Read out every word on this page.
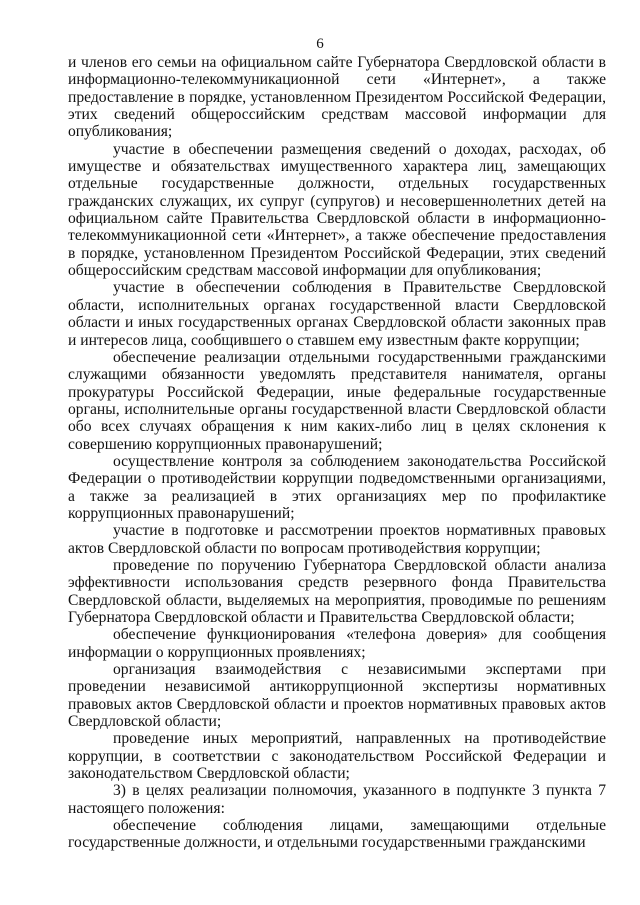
6

и членов его семьи на официальном сайте Губернатора Свердловской области в информационно-телекоммуникационной сети «Интернет», а также предоставление в порядке, установленном Президентом Российской Федерации, этих сведений общероссийским средствам массовой информации для опубликования;

участие в обеспечении размещения сведений о доходах, расходах, об имуществе и обязательствах имущественного характера лиц, замещающих отдельные государственные должности, отдельных государственных гражданских служащих, их супруг (супругов) и несовершеннолетних детей на официальном сайте Правительства Свердловской области в информационно-телекоммуникационной сети «Интернет», а также обеспечение предоставления в порядке, установленном Президентом Российской Федерации, этих сведений общероссийским средствам массовой информации для опубликования;

участие в обеспечении соблюдения в Правительстве Свердловской области, исполнительных органах государственной власти Свердловской области и иных государственных органах Свердловской области законных прав и интересов лица, сообщившего о ставшем ему известным факте коррупции;

обеспечение реализации отдельными государственными гражданскими служащими обязанности уведомлять представителя нанимателя, органы прокуратуры Российской Федерации, иные федеральные государственные органы, исполнительные органы государственной власти Свердловской области обо всех случаях обращения к ним каких-либо лиц в целях склонения к совершению коррупционных правонарушений;

осуществление контроля за соблюдением законодательства Российской Федерации о противодействии коррупции подведомственными организациями, а также за реализацией в этих организациях мер по профилактике коррупционных правонарушений;

участие в подготовке и рассмотрении проектов нормативных правовых актов Свердловской области по вопросам противодействия коррупции;

проведение по поручению Губернатора Свердловской области анализа эффективности использования средств резервного фонда Правительства Свердловской области, выделяемых на мероприятия, проводимые по решениям Губернатора Свердловской области и Правительства Свердловской области;

обеспечение функционирования «телефона доверия» для сообщения информации о коррупционных проявлениях;

организация взаимодействия с независимыми экспертами при проведении независимой антикоррупционной экспертизы нормативных правовых актов Свердловской области и проектов нормативных правовых актов Свердловской области;

проведение иных мероприятий, направленных на противодействие коррупции, в соответствии с законодательством Российской Федерации и законодательством Свердловской области;

3) в целях реализации полномочия, указанного в подпункте 3 пункта 7 настоящего положения:

обеспечение соблюдения лицами, замещающими отдельные государственные должности, и отдельными государственными гражданскими
